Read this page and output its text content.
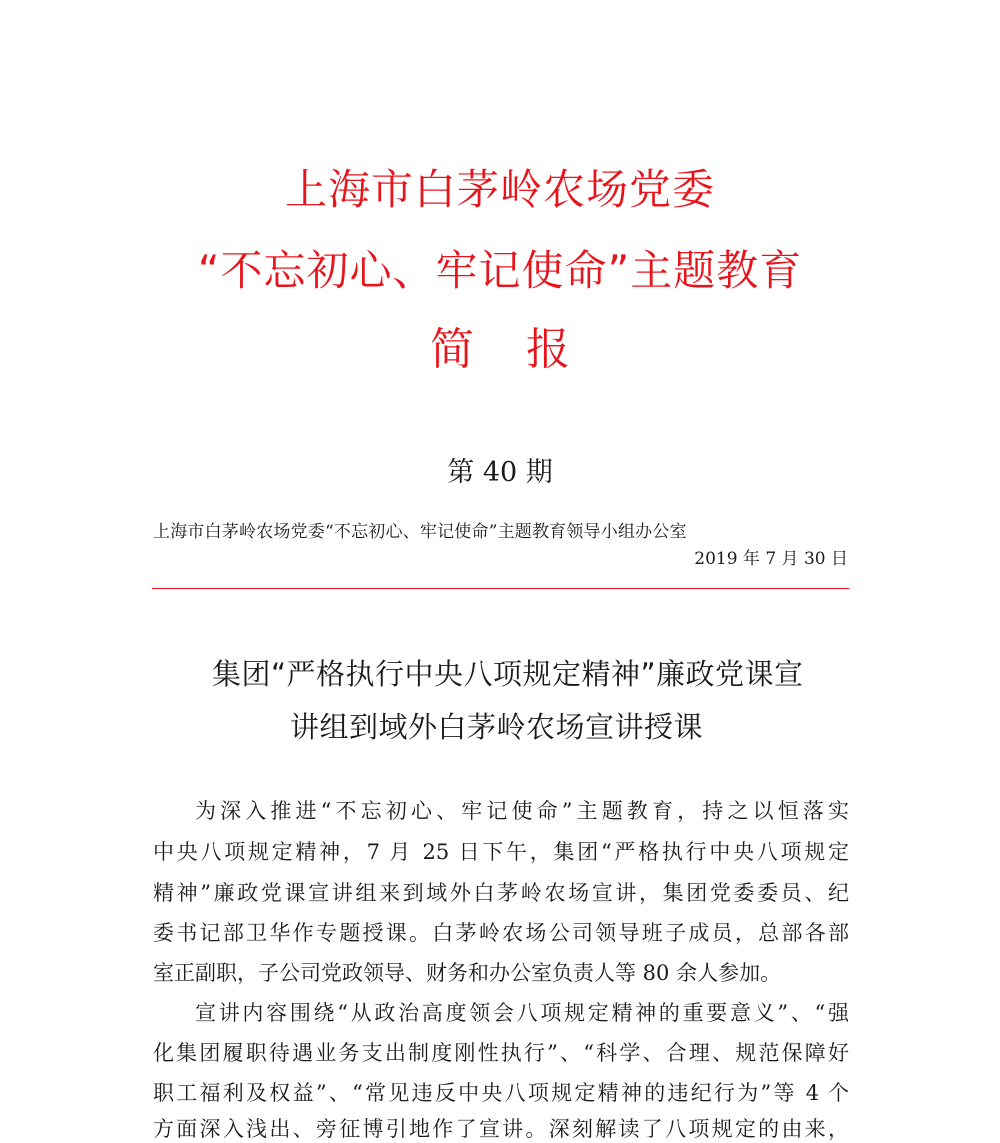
上海市白茅岭农场党委
“不忘初心、牢记使命”主题教育
简 报
第 40 期
上海市白茅岭农场党委“不忘初心、牢记使命”主题教育领导小组办公室
2019 年 7 月 30 日
集团“严格执行中央八项规定精神”廉政党课宣
讲组到域外白茅岭农场宣讲授课
为深入推进“不忘初心、牢记使命”主题教育，持之以恒落实
中央八项规定精神，7 月 25 日下午，集团“严格执行中央八项规定
精神”廉政党课宣讲组来到域外白茅岭农场宣讲，集团党委委员、纪
委书记部卫华作专题授课。白茅岭农场公司领导班子成员，总部各部
室正副职，子公司党政领导、财务和办公室负责人等 80 余人参加。
宣讲内容围绕“从政治高度领会八项规定精神的重要意义”、“强
化集团履职待遇业务支出制度刚性执行”、“科学、合理、规范保障好
职工福利及权益”、“常见违反中央八项规定精神的违纪行为”等 4 个
方面深入浅出、旁征博引地作了宣讲。深刻解读了八项规定的由来，
